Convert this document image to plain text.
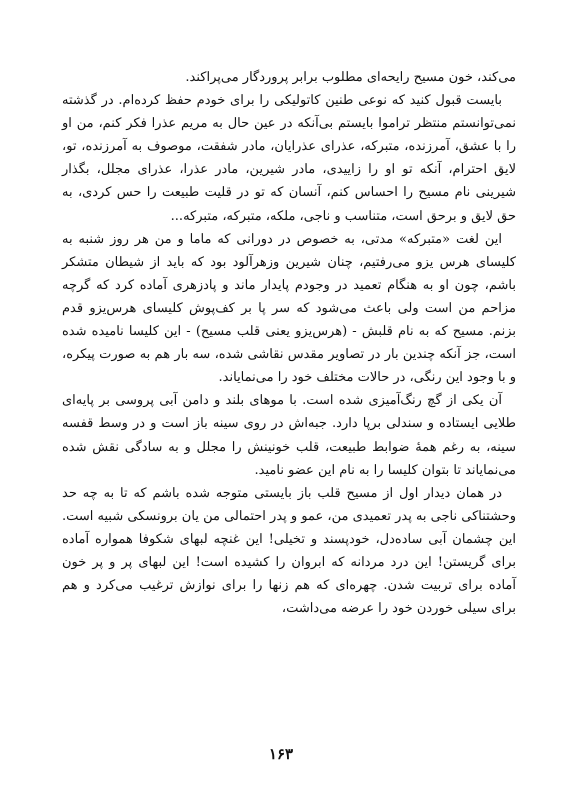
می‌کند، خون مسیح رایحه‌ای مطلوب برابر پروردگار می‌پراکند.

بایست قبول کنید که نوعی طنین کاتولیکی را برای خودم حفظ کرده‌ام. در گذشته نمی‌توانستم منتظر تراموا بایستم بی‌آنکه در عین حال به مریم عذرا فکر کنم، من او را با عشق، آمرزنده، متبرکه، عذرای عذرایان، مادر شفقت، موصوف به آمرزنده، تو، لایق احترام، آنکه تو او را زاییدی، مادر شیرین، مادر عذرا، عذرای مجلل، بگذار شیرینی نام مسیح را احساس کنم، آنسان که تو در قلیت طبیعت را حس کردی، به حق لایق و برحق است، متناسب و ناجی، ملکه، متبرکه، متبرکه...

این لغت «متبرکه» مدتی، به خصوص در دورانی که ماما و من هر روز شنبه به کلیسای هرس یزو می‌رفتیم، چنان شیرین وزهرآلود بود که باید از شیطان متشکر باشم، چون او به هنگام تعمید در وجودم پایدار ماند و پادزهری آماده کرد که گرچه مزاحم من است ولی باعث می‌شود که سر پا بر کف‌پوش کلیسای هرس‌یزو قدم بزنم. مسیح که به نام قلبش - (هرس‌یزو یعنی قلب مسیح) - این کلیسا نامیده شده است، جز آنکه چندین بار در تصاویر مقدس نقاشی شده، سه بار هم به صورت پیکره، و با وجود این رنگی، در حالات مختلف خود را می‌نمایاند.

آن یکی از گچ رنگ‌آمیزی شده است. با موهای بلند و دامن آبی پروسی بر پایه‌ای طلایی ایستاده و سندلی برپا دارد. جبه‌اش در روی سینه باز است و در وسط قفسه سینه، به رغم همهٔ ضوابط طبیعت، قلب خونینش را مجلل و به سادگی نقش شده می‌نمایاند تا بتوان کلیسا را به نام این عضو نامید.

در همان دیدار اول از مسیح قلب باز بایستی متوجه شده باشم که تا به چه حد وحشتناکی ناجی به پدر تعمیدی من، عمو و پدر احتمالی من یان برونسکی شبیه است. این چشمان آبی ساده‌دل، خودپسند و تخیلی! این غنچه لبهای شکوفا همواره آماده برای گریستن! این درد مردانه که ابروان را کشیده است! این لبهای پر و پر خون آماده برای تربیت شدن. چهره‌ای که هم زنها را برای نوازش ترغیب می‌کرد و هم برای سیلی خوردن خود را عرضه می‌داشت،

۱۶۳
